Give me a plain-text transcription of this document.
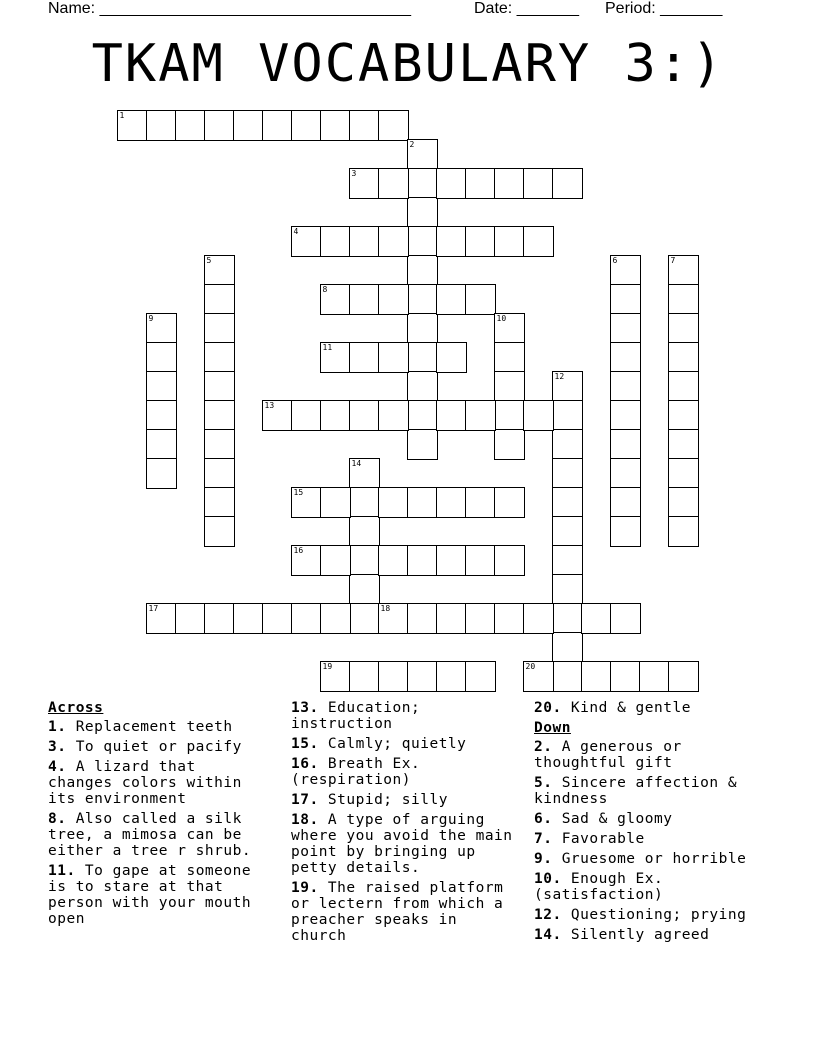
Name: ___________________________________	Date: _______ Period: _______
TKAM VOCABULARY 3:)
1
2
3
4
5	6	7
8
9	10
11
12
13
14
15
16
17	18
19	20
Across
1. Replacement teeth
3. To quiet or pacify
4. A lizard that
changes colors within
its environment
8. Also called a silk
tree, a mimosa can be
either a tree r shrub.
11. To gape at someone
is to stare at that
person with your mouth
open
13. Education;
instruction
15. Calmly; quietly
16. Breath Ex.
(respiration)
17. Stupid; silly
18. A type of arguing
where you avoid the main
point by bringing up
petty details.
19. The raised platform
or lectern from which a
preacher speaks in
church
20. Kind & gentle
Down
2. A generous or
thoughtful gift
5. Sincere affection &
kindness
6. Sad & gloomy
7. Favorable
9. Gruesome or horrible
10. Enough Ex.
(satisfaction)
12. Questioning; prying
14. Silently agreed
